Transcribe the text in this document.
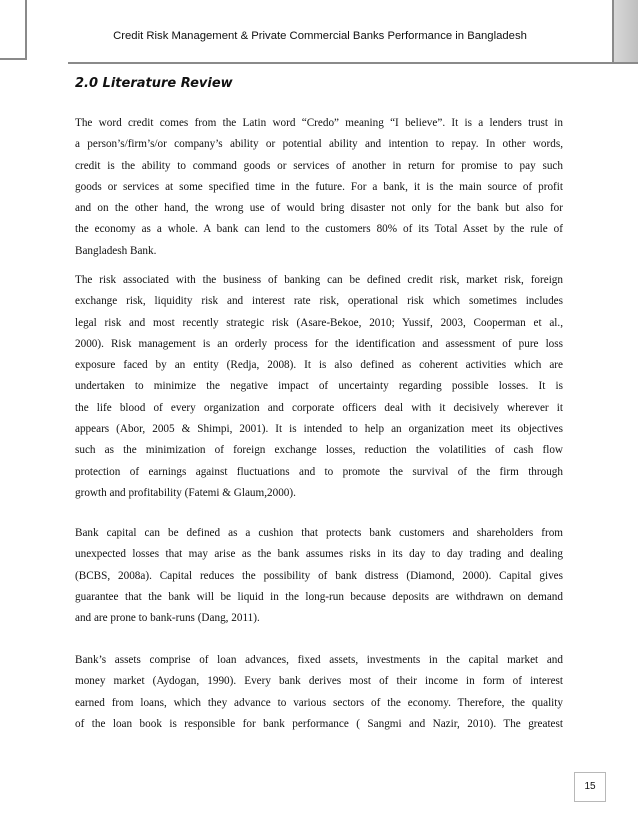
Credit Risk Management & Private Commercial Banks Performance in Bangladesh
2.0 Literature Review
The word credit comes from the Latin word “Credo” meaning “I believe”. It is a lenders trust in
a person’s/firm’s/or company’s ability or potential ability and intention to repay. In other words,
credit is the ability to command goods or services of another in return for promise to pay such
goods or services at some specified time in the future. For a bank, it is the main source of profit
and on the other hand, the wrong use of would bring disaster not only for the bank but also for
the economy as a whole. A bank can lend to the customers 80% of its Total Asset by the rule of
Bangladesh Bank.
The risk associated with the business of banking can be defined credit risk, market risk, foreign
exchange risk, liquidity risk and interest rate risk, operational risk which sometimes includes
legal risk and most recently strategic risk (Asare-Bekoe, 2010; Yussif, 2003, Cooperman et al.,
2000). Risk management is an orderly process for the identification and assessment of pure loss
exposure faced by an entity (Redja, 2008). It is also defined as coherent activities which are
undertaken to minimize the negative impact of uncertainty regarding possible losses. It is
the life blood of every organization and corporate officers deal with it decisively wherever it
appears (Abor, 2005 & Shimpi, 2001). It is intended to help an organization meet its objectives
such as the minimization of foreign exchange losses, reduction the volatilities of cash flow
protection of earnings against fluctuations and to promote the survival of the firm through
growth and profitability (Fatemi & Glaum,2000).
Bank capital can be defined as a cushion that protects bank customers and shareholders from
unexpected losses that may arise as the bank assumes risks in its day to day trading and dealing
(BCBS, 2008a). Capital reduces the possibility of bank distress (Diamond, 2000). Capital gives
guarantee that the bank will be liquid in the long-run because deposits are withdrawn on demand
and are prone to bank-runs (Dang, 2011).
Bank’s assets comprise of loan advances, fixed assets, investments in the capital market and
money market (Aydogan, 1990). Every bank derives most of their income in form of interest
earned from loans, which they advance to various sectors of the economy. Therefore, the quality
of the loan book is responsible for bank performance ( Sangmi and Nazir, 2010). The greatest
15
